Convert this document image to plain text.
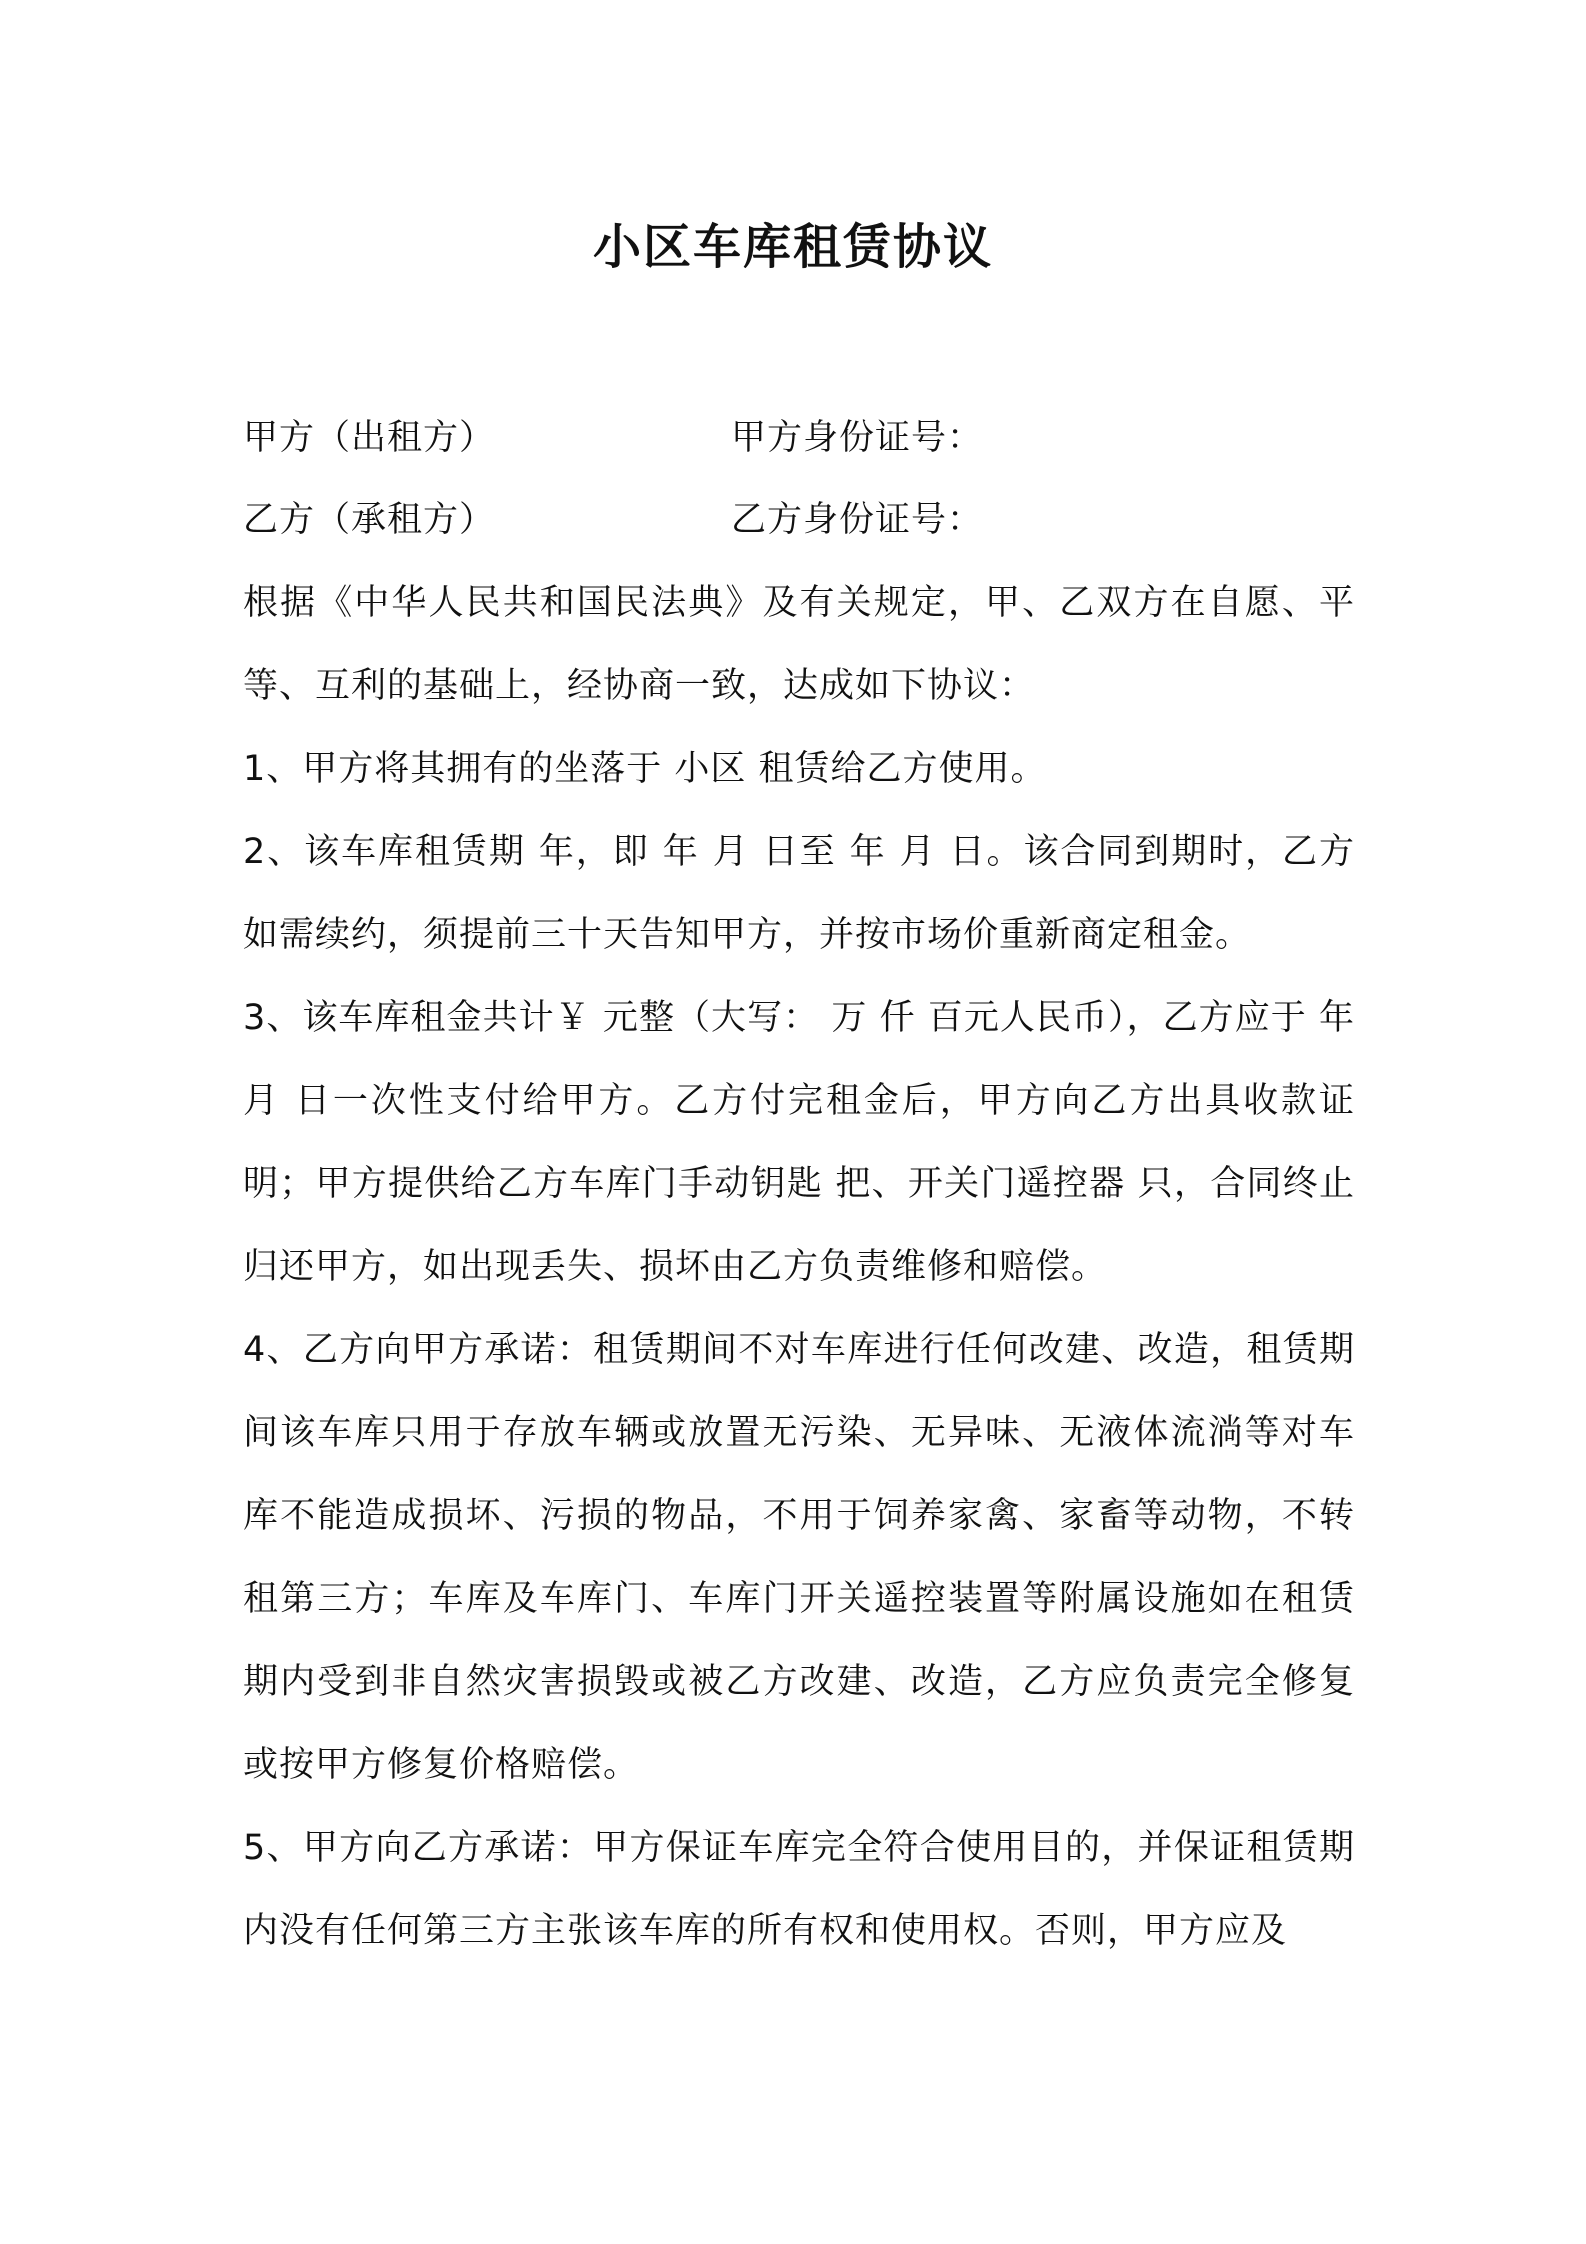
小区车库租赁协议
甲方（出租方）	甲方身份证号：
乙方（承租方）	乙方身份证号：

根据《中华人民共和国民法典》及有关规定，甲、乙双方在自愿、平等、互利的基础上，经协商一致，达成如下协议：

1、甲方将其拥有的坐落于 小区 租赁给乙方使用。

2、该车库租赁期 年，即 年 月 日至 年 月 日。该合同到期时，乙方如需续约，须提前三十天告知甲方，并按市场价重新商定租金。

3、该车库租金共计￥ 元整（大写： 万 仟 百元人民币），乙方应于 年 月 日一次性支付给甲方。乙方付完租金后，甲方向乙方出具收款证明；甲方提供给乙方车库门手动钥匙 把、开关门遥控器 只，合同终止归还甲方，如出现丢失、损坏由乙方负责维修和赔偿。

4、乙方向甲方承诺：租赁期间不对车库进行任何改建、改造，租赁期间该车库只用于存放车辆或放置无污染、无异味、无液体流淌等对车库不能造成损坏、污损的物品，不用于饲养家禽、家畜等动物，不转租第三方；车库及车库门、车库门开关遥控装置等附属设施如在租赁期内受到非自然灾害损毁或被乙方改建、改造，乙方应负责完全修复或按甲方修复价格赔偿。

5、甲方向乙方承诺：甲方保证车库完全符合使用目的，并保证租赁期内没有任何第三方主张该车库的所有权和使用权。否则，甲方应及
